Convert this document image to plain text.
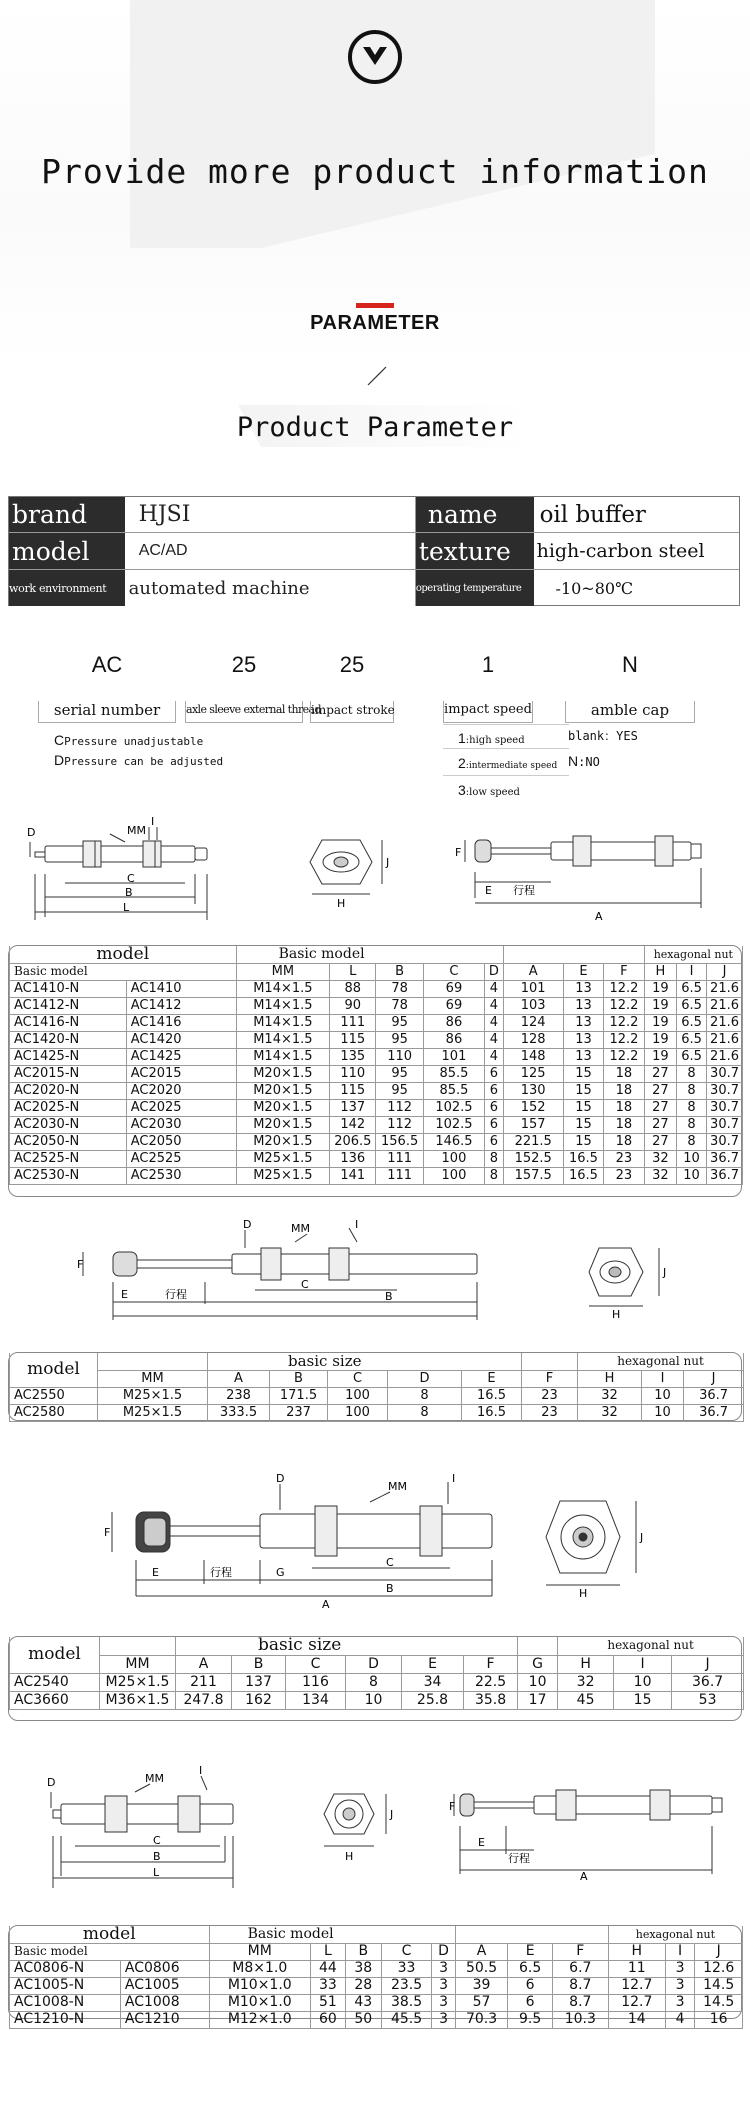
Provide more product information
PARAMETER
Product Parameter
brand	HJSI	name	oil buffer
model	AC/AD	texture	high-carbon steel
work environment	automated machine	operating temperature	-10~80℃
AC	25	25	1	N
serial number	axle sleeve external thread
impact stroke	impact speed	amble cap
CPressure unadjustable
DPressure can be adjusted
1:high speed
2:intermediate speed
3:low speed
blank：YES
N:NO
D	MM
I
C
B
L	H
J
F
E 行程
A
model		Basic model								hexagonal nut		
Basic model		MM	L	B	C	D	A	E	F	H	I	J
AC1410-N	AC1410	M14×1.5	88	78	69	4	101	13	12.2	19	6.5	21.6
AC1412-N	AC1412	M14×1.5	90	78	69	4	103	13	12.2	19	6.5	21.6
AC1416-N	AC1416	M14×1.5	111	95	86	4	124	13	12.2	19	6.5	21.6
AC1420-N	AC1420	M14×1.5	115	95	86	4	128	13	12.2	19	6.5	21.6
AC1425-N	AC1425	M14×1.5	135	110	101	4	148	13	12.2	19	6.5	21.6
AC2015-N	AC2015	M20×1.5	110	95	85.5	6	125	15	18	27	8	30.7
AC2020-N	AC2020	M20×1.5	115	95	85.5	6	130	15	18	27	8	30.7
AC2025-N	AC2025	M20×1.5	137	112	102.5	6	152	15	18	27	8	30.7
AC2030-N	AC2030	M20×1.5	142	112	102.5	6	157	15	18	27	8	30.7
AC2050-N	AC2050	M20×1.5	206.5	156.5	146.5	6	221.5	15	18	27	8	30.7
AC2525-N	AC2525	M25×1.5	136	111	100	8	152.5	16.5	23	32	10	36.7
AC2530-N	AC2530	M25×1.5	141	111	100	8	157.5	16.5	23	32	10	36.7
F
E	行程
D	MM	I
C
B
H
J
model		basic size						hexagonal nut		
	MM	A	B	C	D	E	F	H	I	J
AC2550	M25×1.5	238	171.5	100	8	16.5	23	32	10	36.7
AC2580	M25×1.5	333.5	237	100	8	16.5	23	32	10	36.7
F
E	行程	G
D
MM
I
C
B
A
H
J
model		basic size							hexagonal nut		
	MM	A	B	C	D	E	F	G	H	I	J
AC2540	M25×1.5	211	137	116	8	34	22.5	10	32	10	36.7
AC3660	M36×1.5	247.8	162	134	10	25.8	35.8	17	45	15	53
D	MM
I
C
B
L
H
J
F
E
行程
A
model		Basic model								hexagonal nut		
Basic model		MM	L	B	C	D	A	E	F	H	I	J
AC0806-N	AC0806	M8×1.0	44	38	33	3	50.5	6.5	6.7	11	3	12.6
AC1005-N	AC1005	M10×1.0	33	28	23.5	3	39	6	8.7	12.7	3	14.5
AC1008-N	AC1008	M10×1.0	51	43	38.5	3	57	6	8.7	12.7	3	14.5
AC1210-N	AC1210	M12×1.0	60	50	45.5	3	70.3	9.5	10.3	14	4	16
